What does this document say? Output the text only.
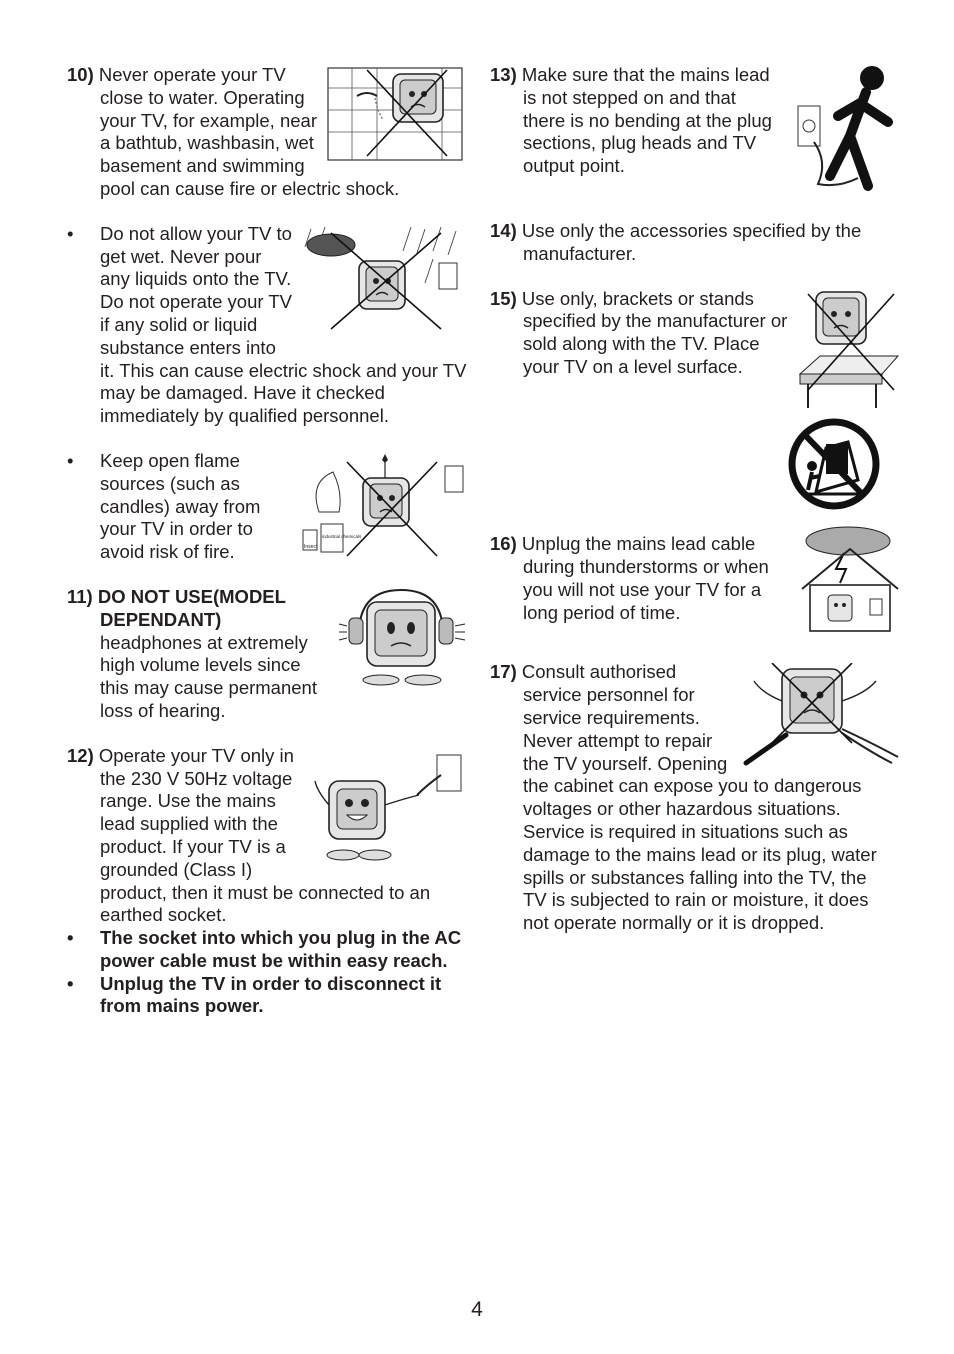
10) Never operate your TV close to water. Operating your TV, for example, near a bathtub, washbasin, wet basement and swimming pool can cause fire or electric shock.
• Do not allow your TV to get wet. Never pour any liquids onto the TV. Do not operate your TV if any solid or liquid substance enters into it. This can cause electric shock and your TV may be damaged. Have it checked immediately by qualified personnel.
•
Insect
industrial chemicals
Keep open flame sources (such as candles) away from your TV in order to avoid risk of fire.
11) DO NOT USE(MODEL DEPENDANT)
headphones at extremely high volume levels since this may cause permanent loss of hearing.
12) Operate your TV only in the 230 V 50Hz voltage range. Use the mains lead supplied with the product. If your TV is a grounded (Class I) product, then it must be connected to an earthed socket.
• The socket into which you plug in the AC power cable must be within easy reach.
• Unplug the TV in order to disconnect it from mains power.
13) Make sure that the mains lead is not stepped on and that there is no bending at the plug sections, plug heads and TV output point.
14) Use only the accessories specified by the manufacturer.
15) Use only, brackets or stands specified by the manufacturer or sold along with the TV. Place your TV on a level surface.
16) Unplug the mains lead cable during thunderstorms or when you will not use your TV for a long period of time.
17) Consult authorised service personnel for service requirements. Never attempt to repair the TV yourself. Opening the cabinet can expose you to dangerous voltages or other hazardous situations. Service is required in situations such as damage to the mains lead or its plug, water spills or substances falling into the TV, the TV is subjected to rain or moisture, it does not operate normally or it is dropped.
4
